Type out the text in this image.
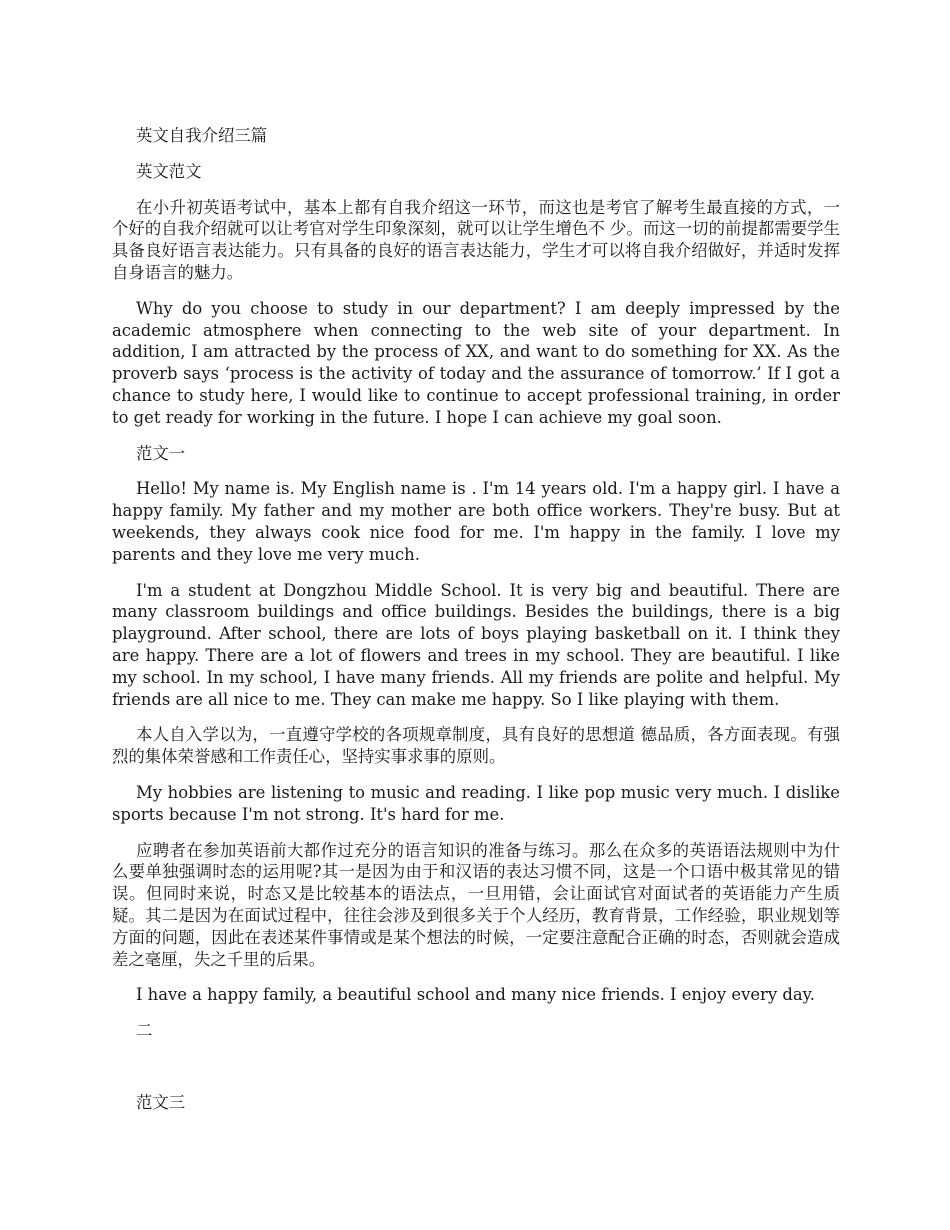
英文自我介绍三篇

英文范文

在小升初英语考试中，基本上都有自我介绍这一环节，而这也是考官了解考生最直接的方式，一个好的自我介绍就可以让考官对学生印象深刻，就可以让学生增色不 少。而这一切的前提都需要学生具备良好语言表达能力。只有具备的良好的语言表达能力，学生才可以将自我介绍做好，并适时发挥自身语言的魅力。

Why do you choose to study in our department? I am deeply impressed by the academic atmosphere when connecting to the web site of your department. In addition, I am attracted by the process of XX, and want to do something for XX. As the proverb says ‘process is the activity of today and the assurance of tomorrow.’ If I got a chance to study here, I would like to continue to accept professional training, in order to get ready for working in the future. I hope I can achieve my goal soon.

范文一

Hello! My name is. My English name is . I'm 14 years old. I'm a happy girl. I have a happy family. My father and my mother are both office workers. They're busy. But at weekends, they always cook nice food for me. I'm happy in the family. I love my parents and they love me very much.

I'm a student at Dongzhou Middle School. It is very big and beautiful. There are many classroom buildings and office buildings. Besides the buildings, there is a big playground. After school, there are lots of boys playing basketball on it. I think they are happy. There are a lot of flowers and trees in my school. They are beautiful. I like my school. In my school, I have many friends. All my friends are polite and helpful. My friends are all nice to me. They can make me happy. So I like playing with them.

本人自入学以为，一直遵守学校的各项规章制度，具有良好的思想道 德品质，各方面表现。有强烈的集体荣誉感和工作责任心，坚持实事求事的原则。

My hobbies are listening to music and reading. I like pop music very much. I dislike sports because I'm not strong. It's hard for me.

应聘者在参加英语前大都作过充分的语言知识的准备与练习。那么在众多的英语语法规则中为什么要单独强调时态的运用呢?其一是因为由于和汉语的表达习惯不同，这是一个口语中极其常见的错误。但同时来说，时态又是比较基本的语法点，一旦用错，会让面试官对面试者的英语能力产生质疑。其二是因为在面试过程中，往往会涉及到很多关于个人经历，教育背景，工作经验，职业规划等方面的问题，因此在表述某件事情或是某个想法的时候，一定要注意配合正确的时态，否则就会造成差之毫厘，失之千里的后果。

I have a happy family, a beautiful school and many nice friends. I enjoy every day.

二

范文三
